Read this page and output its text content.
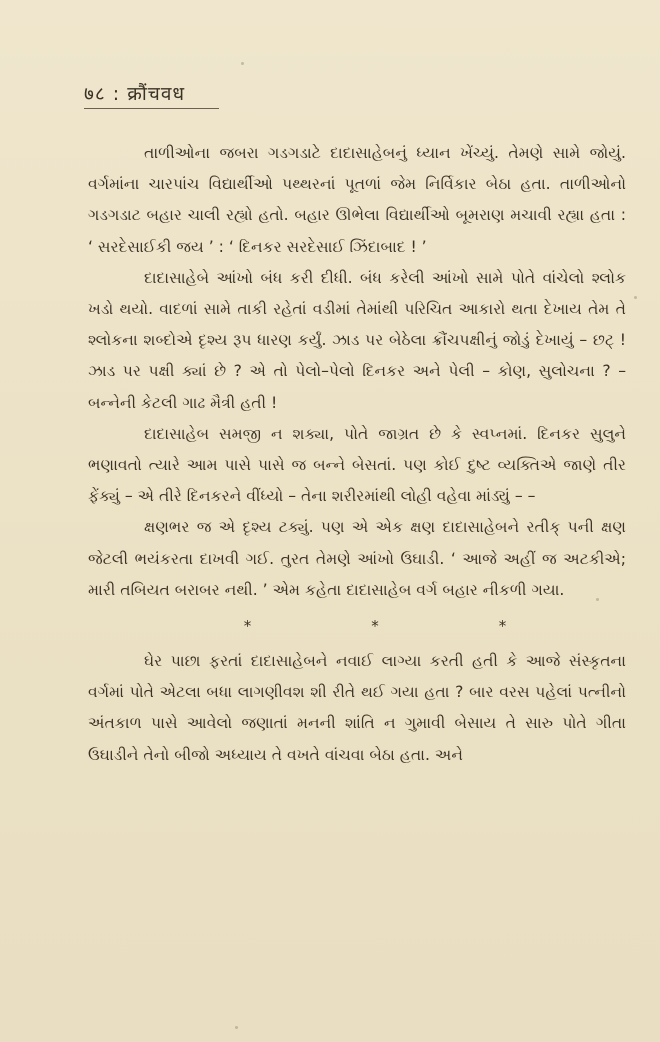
७८ : क्रौंचवध

તાળીઓના જબરા ગડગડાટે દાદાસાહેબનું ધ્યાન ખેંચ્યું. તેમણે સામે જોયું. વર્ગમાંના ચારપાંચ વિદ્યાર્થીઓ પથ્થરનાં પૂતળાં જેમ નિર્વિકાર બેઠા હતા. તાળીઓનો ગડગડાટ બહાર ચાલી રહ્યો હતો. બહાર ઊભેલા વિદ્યાર્થીઓ બૂમરાણ મચાવી રહ્યા હતા : ‘ સરદેસાઈકી જય ’ : ‘ દિનકર સરદેસાઈ ઝિંદાબાદ ! ’

દાદાસાહેબે આંખો બંધ કરી દીધી. બંધ કરેલી આંખો સામે પોતે વાંચેલો શ્લોક ખડો થયો. વાદળાં સામે તાકી રહેતાં વડીમાં તેમાંથી પરિચિત આકારો થતા દેખાય તેમ તે શ્લોકના શબ્દોએ દૃશ્ય રૂપ ધારણ કર્યું. ઝાડ પર બેઠેલા ક્રૌંચપક્ષીનું જોડું દેખાયું – છટ્ ! ઝાડ પર પક્ષી ક્યાં છે ? એ તો પેલો–પેલો દિનકર અને પેલી – કોણ, સુલોચના ? – બન્નેની કેટલી ગાઢ મૈત્રી હતી !

દાદાસાહેબ સમજી ન શક્યા, પોતે જાગ્રત છે કે સ્વપ્નમાં. દિનકર સુલુને ભણાવતો ત્યારે આમ પાસે પાસે જ બન્ને બેસતાં. પણ કોઈ દુષ્ટ વ્યક્તિએ જાણે તીર ફેંક્યું – એ તીરે દિનકરને વીંધ્યો – તેના શરીરમાંથી લોહી વહેવા માંડ્યું – –

ક્ષણભર જ એ દૃશ્ય ટક્યું. પણ એ એક ક્ષણ દાદાસાહેબને રતીક્ પની ક્ષણ જેટલી ભયંકરતા દાખવી ગઈ. તુરત તેમણે આંખો ઉઘાડી. ‘ આજે અહીં જ અટકીએ; મારી તબિયત બરાબર નથી. ’ એમ કહેતા દાદાસાહેબ વર્ગ બહાર નીકળી ગયા.

*	*	*

ઘેર પાછા ફરતાં દાદાસાહેબને નવાઈ લાગ્યા કરતી હતી કે આજે સંસ્કૃતના વર્ગમાં પોતે એટલા બધા લાગણીવશ શી રીતે થઈ ગયા હતા ? બાર વરસ પહેલાં પત્નીનો અંતકાળ પાસે આવેલો જણાતાં મનની શાંતિ ન ગુમાવી બેસાય તે સારુ પોતે ગીતા ઉઘાડીને તેનો બીજો અધ્યાય તે વખતે વાંચવા બેઠા હતા. અને
